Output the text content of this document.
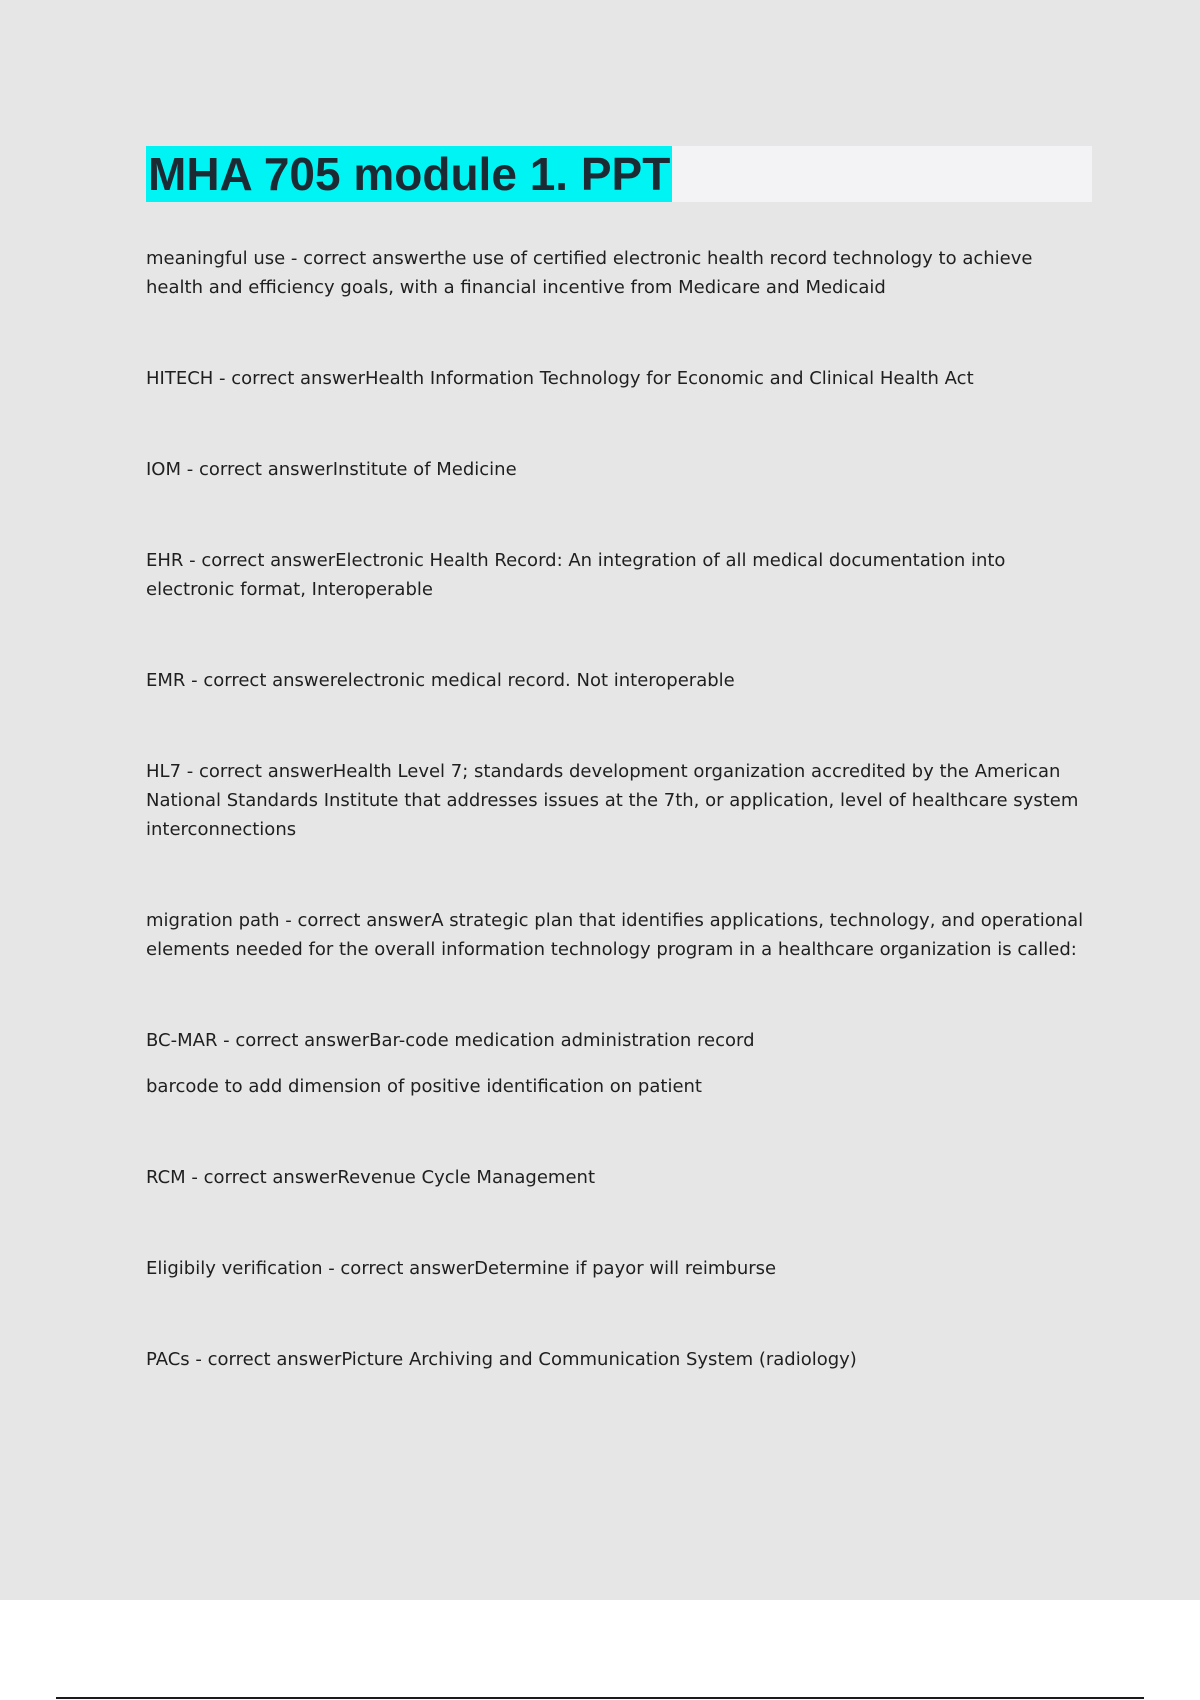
MHA 705 module 1. PPT

meaningful use - correct answerthe use of certified electronic health record technology to achieve health and efficiency goals, with a financial incentive from Medicare and Medicaid

HITECH - correct answerHealth Information Technology for Economic and Clinical Health Act

IOM - correct answerInstitute of Medicine

EHR - correct answerElectronic Health Record: An integration of all medical documentation into electronic format, Interoperable

EMR - correct answerelectronic medical record. Not interoperable

HL7 - correct answerHealth Level 7; standards development organization accredited by the American National Standards Institute that addresses issues at the 7th, or application, level of healthcare system interconnections

migration path - correct answerA strategic plan that identifies applications, technology, and operational elements needed for the overall information technology program in a healthcare organization is called:

BC-MAR - correct answerBar-code medication administration record

barcode to add dimension of positive identification on patient

RCM - correct answerRevenue Cycle Management

Eligibily verification - correct answerDetermine if payor will reimburse

PACs - correct answerPicture Archiving and Communication System (radiology)
